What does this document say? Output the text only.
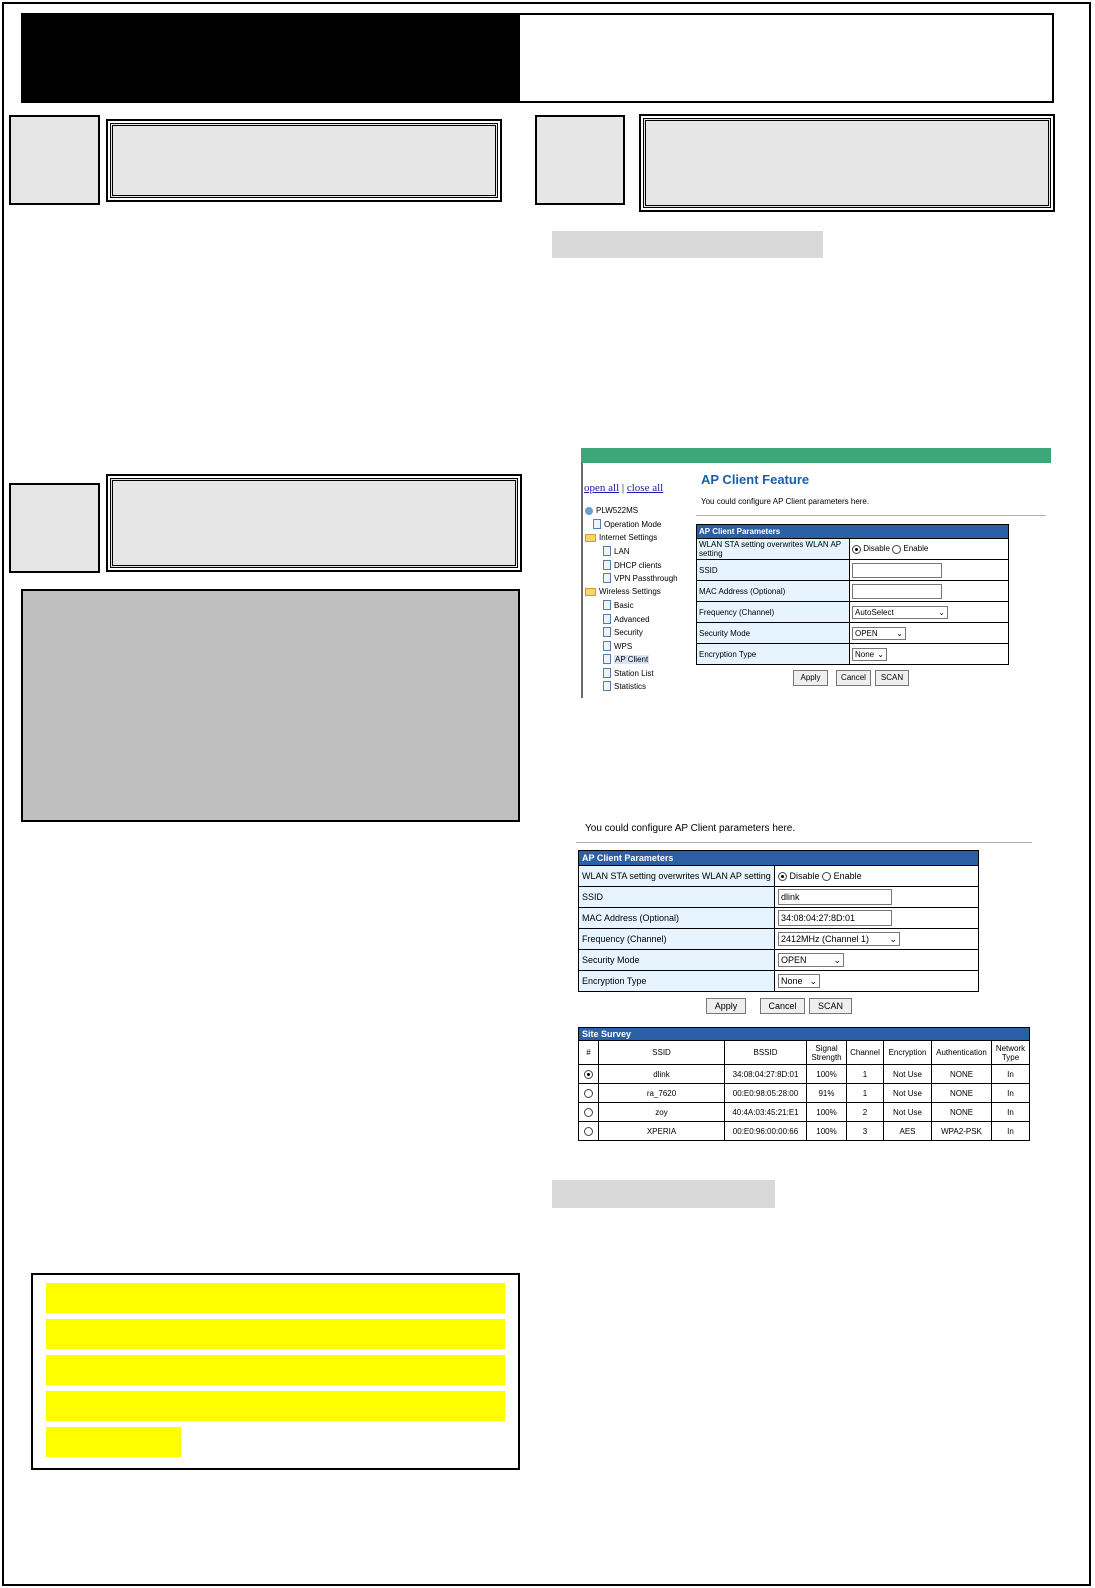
open all | close all
PLW522MS
Operation Mode
Internet Settings
LAN
DHCP clients
VPN Passthrough
Wireless Settings
Basic
Advanced
Security
WPS
AP Client
Station List
Statistics
AP Client Feature
You could configure AP Client parameters here.
AP Client Parameters	
WLAN STA setting overwrites WLAN AP setting	Disable Enable
SSID	
MAC Address (Optional)	
Frequency (Channel)	AutoSelect ⌄

Security Mode	OPEN ⌄

Encryption Type	None ⌄
Apply	Cancel	SCAN
You could configure AP Client parameters here.
AP Client Parameters	
WLAN STA setting overwrites WLAN AP setting	Disable Enable
SSID	dlink
MAC Address (Optional)	34:08:04:27:8D:01
Frequency (Channel)	2412MHz (Channel 1) ⌄

Security Mode	OPEN ⌄

Encryption Type	None ⌄
Apply	Cancel	SCAN
Site Survey							
#	SSID	BSSID	Signal Strength	Channel	Encryption	Authentication	Network Type
	dlink	34:08:04:27:8D:01	100%	1	Not Use	NONE	In
	ra_7620	00:E0:98:05:28:00	91%	1	Not Use	NONE	In
	zoy	40:4A:03:45:21:E1	100%	2	Not Use	NONE	In
	XPERIA	00:E0:96:00:00:66	100%	3	AES	WPA2-PSK	In
